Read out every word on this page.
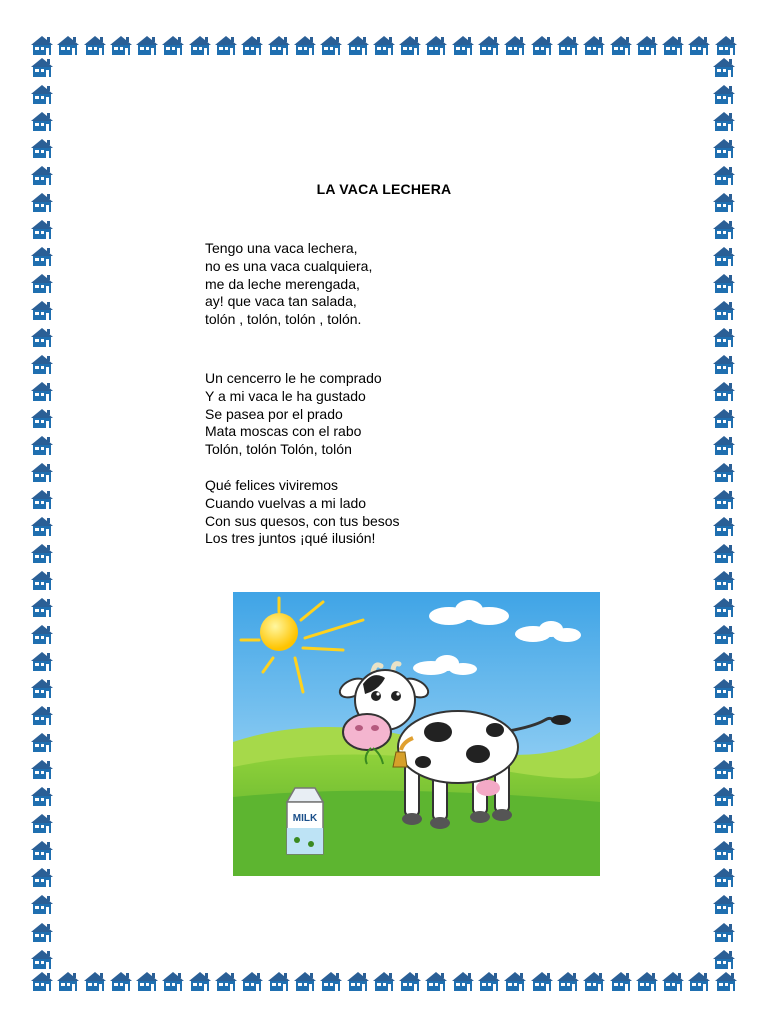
LA VACA LECHERA
Tengo una vaca lechera,
no es una vaca cualquiera,
me da leche merengada,
ay! que vaca tan salada,
tolón , tolón, tolón , tolón.
Un cencerro le he comprado
Y a mi vaca le ha gustado
Se pasea por el prado
Mata moscas con el rabo
Tolón, tolón Tolón, tolón
Qué felices viviremos
Cuando vuelvas a mi lado
Con sus quesos, con tus besos
Los tres juntos ¡qué ilusión!
MILK
